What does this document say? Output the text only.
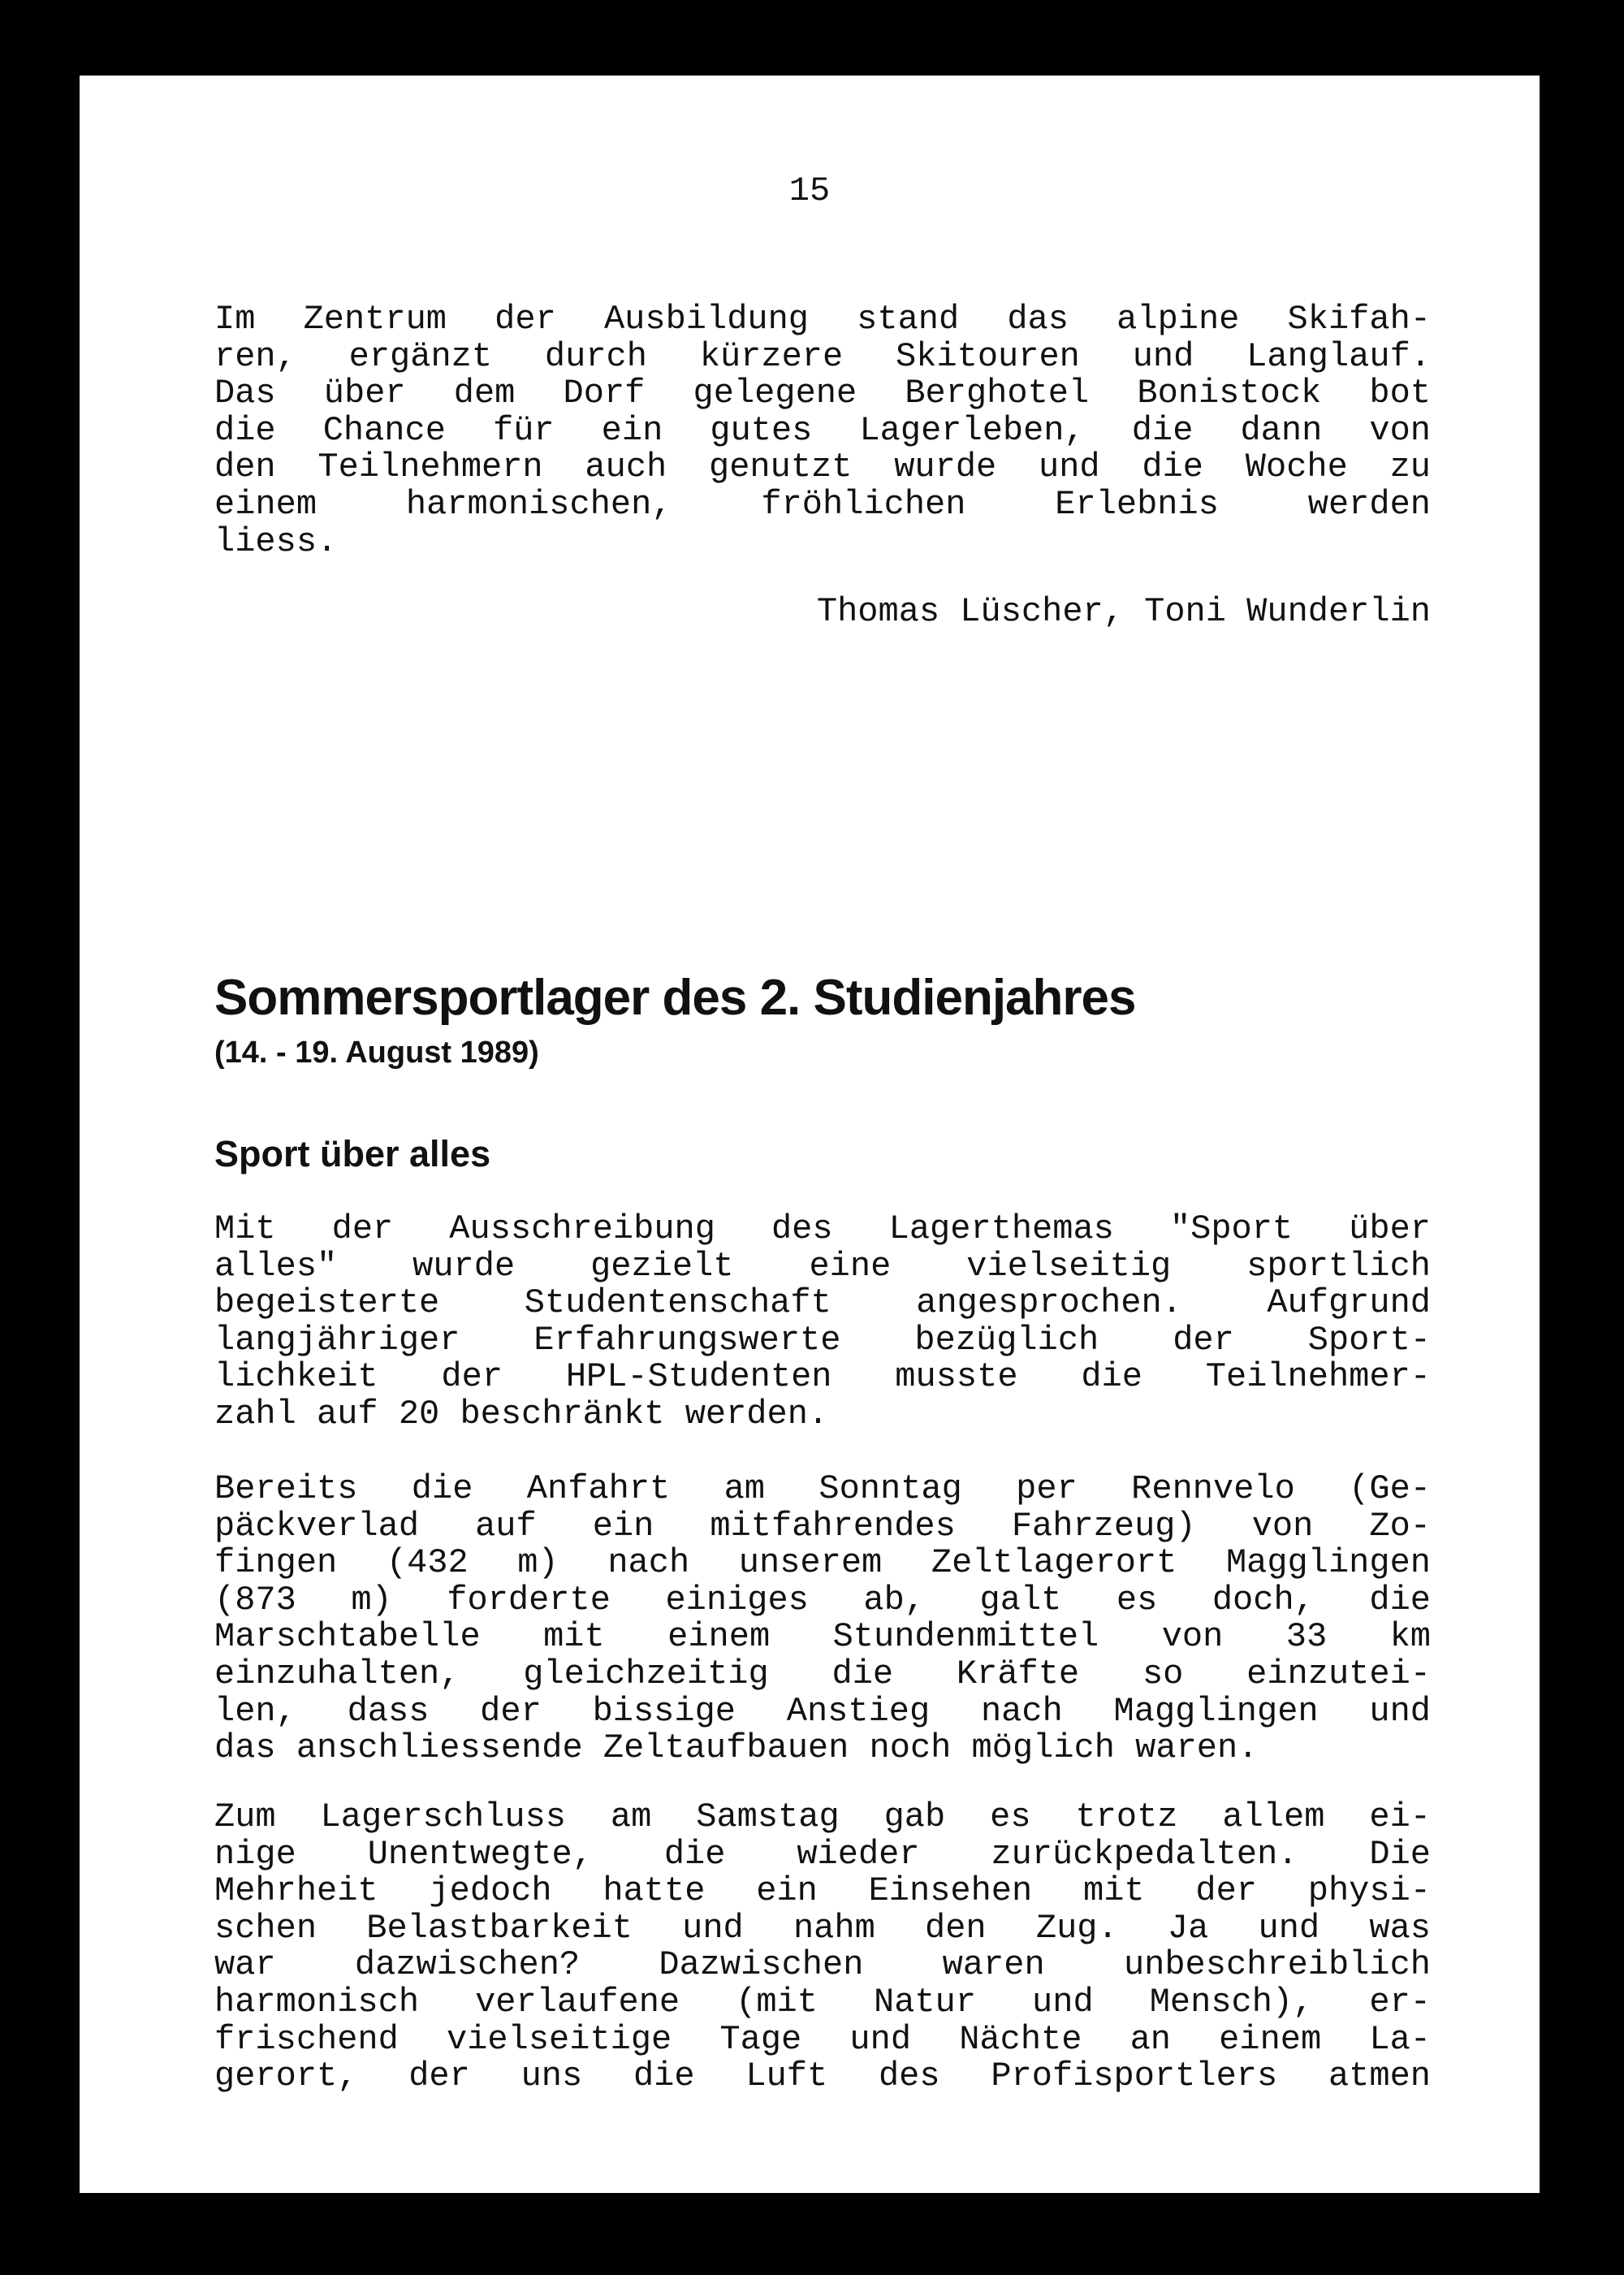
15

Im Zentrum der Ausbildung stand das alpine Skifah-
ren, ergänzt durch kürzere Skitouren und Langlauf.
Das über dem Dorf gelegene Berghotel Bonistock bot
die Chance für ein gutes Lagerleben, die dann von
den Teilnehmern auch genutzt wurde und die Woche zu
einem harmonischen, fröhlichen Erlebnis werden
liess.

Thomas Lüscher, Toni Wunderlin

Sommersportlager des 2. Studienjahres
(14. - 19. August 1989)
Sport über alles
Mit der Ausschreibung des Lagerthemas "Sport über
alles" wurde gezielt eine vielseitig sportlich
begeisterte Studentenschaft angesprochen. Aufgrund
langjähriger Erfahrungswerte bezüglich der Sport-
lichkeit der HPL-Studenten musste die Teilnehmer-
zahl auf 20 beschränkt werden.
Bereits die Anfahrt am Sonntag per Rennvelo (Ge-
päckverlad auf ein mitfahrendes Fahrzeug) von Zo-
fingen (432 m) nach unserem Zeltlagerort Magglingen
(873 m) forderte einiges ab, galt es doch, die
Marschtabelle mit einem Stundenmittel von 33 km
einzuhalten, gleichzeitig die Kräfte so einzutei-
len, dass der bissige Anstieg nach Magglingen und
das anschliessende Zeltaufbauen noch möglich waren.
Zum Lagerschluss am Samstag gab es trotz allem ei-
nige Unentwegte, die wieder zurückpedalten. Die
Mehrheit jedoch hatte ein Einsehen mit der physi-
schen Belastbarkeit und nahm den Zug. Ja und was
war dazwischen? Dazwischen waren unbeschreiblich
harmonisch verlaufene (mit Natur und Mensch), er-
frischend vielseitige Tage und Nächte an einem La-
gerort, der uns die Luft des Profisportlers atmen
